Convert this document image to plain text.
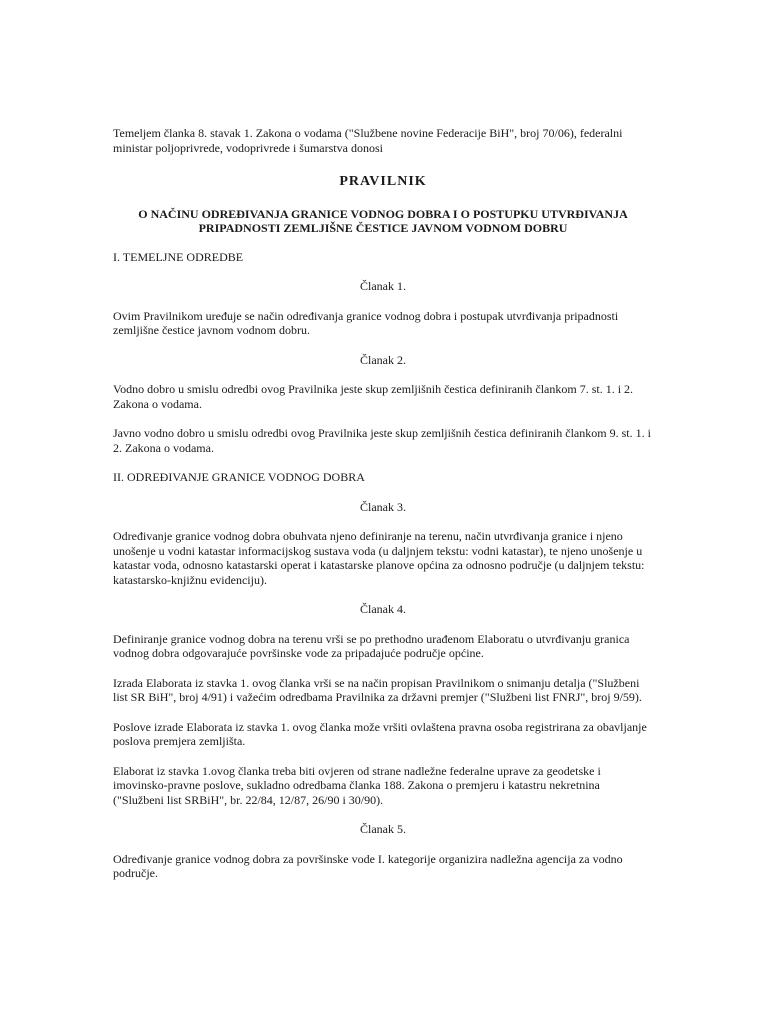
Temeljem članka 8. stavak 1. Zakona o vodama ("Službene novine Federacije BiH", broj 70/06), federalni ministar poljoprivrede, vodoprivrede i šumarstva donosi

PRAVILNIK

O NAČINU ODREĐIVANJA GRANICE VODNOG DOBRA I O POSTUPKU UTVRĐIVANJA PRIPADNOSTI ZEMLJIŠNE ČESTICE JAVNOM VODNOM DOBRU

I. TEMELJNE ODREDBE

Članak 1.

Ovim Pravilnikom uređuje se način određivanja granice vodnog dobra i postupak utvrđivanja pripadnosti zemljišne čestice javnom vodnom dobru.

Članak 2.

Vodno dobro u smislu odredbi ovog Pravilnika jeste skup zemljišnih čestica definiranih člankom 7. st. 1. i 2. Zakona o vodama.

Javno vodno dobro u smislu odredbi ovog Pravilnika jeste skup zemljišnih čestica definiranih člankom 9. st. 1. i 2. Zakona o vodama.

II. ODREĐIVANJE GRANICE VODNOG DOBRA

Članak 3.

Određivanje granice vodnog dobra obuhvata njeno definiranje na terenu, način utvrđivanja granice i njeno unošenje u vodni katastar informacijskog sustava voda (u daljnjem tekstu: vodni katastar), te njeno unošenje u katastar voda, odnosno katastarski operat i katastarske planove općina za odnosno područje (u daljnjem tekstu: katastarsko-knjižnu evidenciju).

Članak 4.

Definiranje granice vodnog dobra na terenu vrši se po prethodno urađenom Elaboratu o utvrđivanju granica vodnog dobra odgovarajuće površinske vode za pripadajuće područje općine.

Izrada Elaborata iz stavka 1. ovog članka vrši se na način propisan Pravilnikom o snimanju detalja ("Službeni list SR BiH", broj 4/91) i važećim odredbama Pravilnika za državni premjer ("Službeni list FNRJ", broj 9/59).

Poslove izrade Elaborata iz stavka 1. ovog članka može vršiti ovlaštena pravna osoba registrirana za obavljanje poslova premjera zemljišta.

Elaborat iz stavka 1.ovog članka treba biti ovjeren od strane nadležne federalne uprave za geodetske i imovinsko-pravne poslove, sukladno odredbama članka 188. Zakona o premjeru i katastru nekretnina ("Službeni list SRBiH", br. 22/84, 12/87, 26/90 i 30/90).

Članak 5.

Određivanje granice vodnog dobra za površinske vode I. kategorije organizira nadležna agencija za vodno područje.
